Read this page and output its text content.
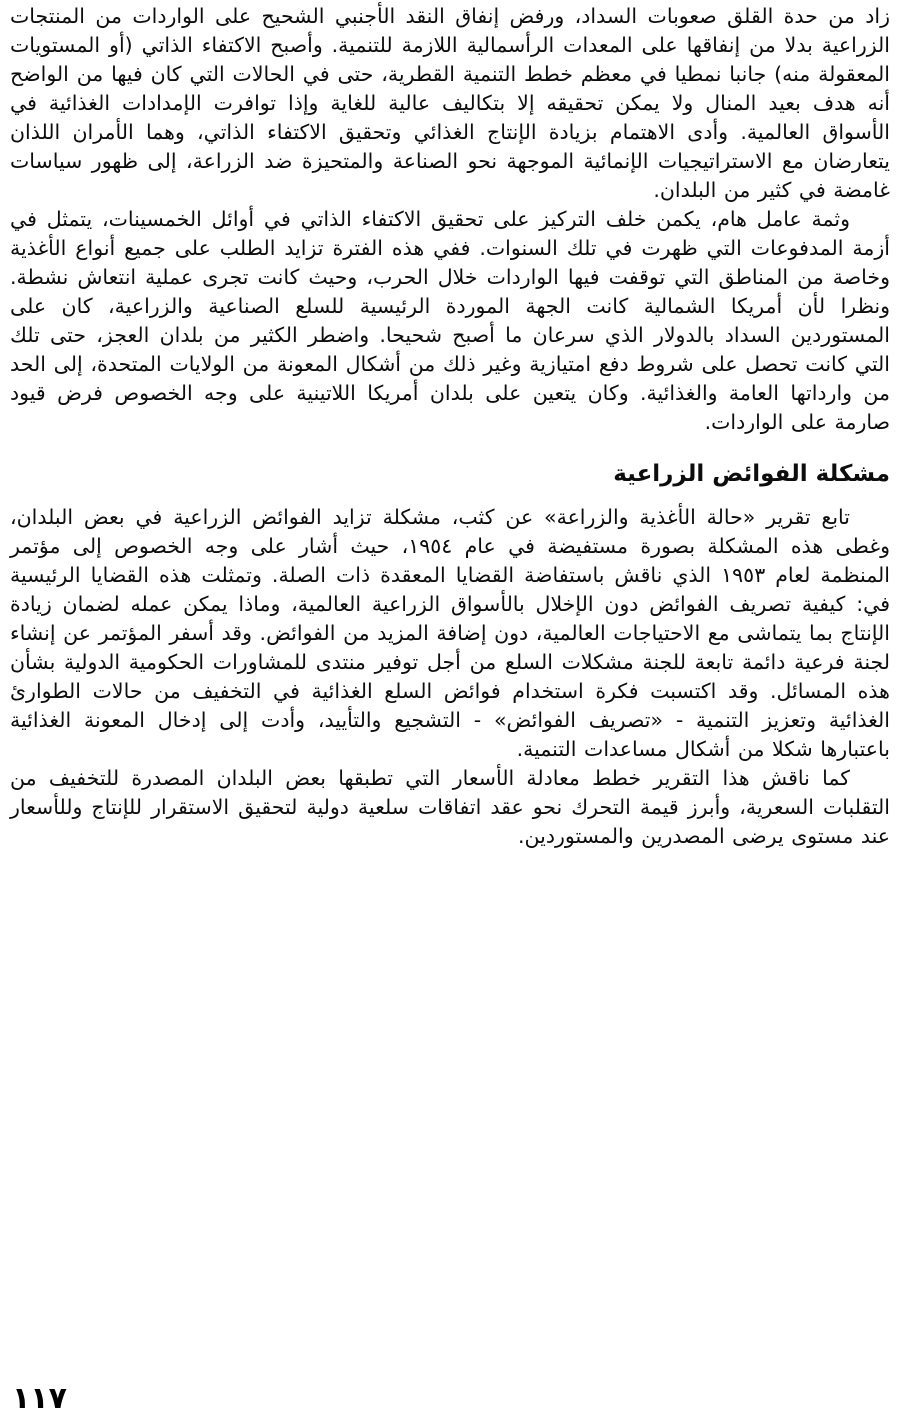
زاد من حدة القلق صعوبات السداد، ورفض إنفاق النقد الأجنبي الشحيح على الواردات من المنتجات الزراعية بدلا من إنفاقها على المعدات الرأسمالية اللازمة للتنمية. وأصبح الاكتفاء الذاتي (أو المستويات المعقولة منه) جانبا نمطيا في معظم خطط التنمية القطرية، حتى في الحالات التي كان فيها من الواضح أنه هدف بعيد المنال ولا يمكن تحقيقه إلا بتكاليف عالية للغاية وإذا توافرت الإمدادات الغذائية في الأسواق العالمية. وأدى الاهتمام بزيادة الإنتاج الغذائي وتحقيق الاكتفاء الذاتي، وهما الأمران اللذان يتعارضان مع الاستراتيجيات الإنمائية الموجهة نحو الصناعة والمتحيزة ضد الزراعة، إلى ظهور سياسات غامضة في كثير من البلدان.

وثمة عامل هام، يكمن خلف التركيز على تحقيق الاكتفاء الذاتي في أوائل الخمسينات، يتمثل في أزمة المدفوعات التي ظهرت في تلك السنوات. ففي هذه الفترة تزايد الطلب على جميع أنواع الأغذية وخاصة من المناطق التي توقفت فيها الواردات خلال الحرب، وحيث كانت تجرى عملية انتعاش نشطة. ونظرا لأن أمريكا الشمالية كانت الجهة الموردة الرئيسية للسلع الصناعية والزراعية، كان على المستوردين السداد بالدولار الذي سرعان ما أصبح شحيحا. واضطر الكثير من بلدان العجز، حتى تلك التي كانت تحصل على شروط دفع امتيازية وغير ذلك من أشكال المعونة من الولايات المتحدة، إلى الحد من وارداتها العامة والغذائية. وكان يتعين على بلدان أمريكا اللاتينية على وجه الخصوص فرض قيود صارمة على الواردات.

مشكلة الفوائض الزراعية

تابع تقرير «حالة الأغذية والزراعة» عن كثب، مشكلة تزايد الفوائض الزراعية في بعض البلدان، وغطى هذه المشكلة بصورة مستفيضة في عام ١٩٥٤، حيث أشار على وجه الخصوص إلى مؤتمر المنظمة لعام ١٩٥٣ الذي ناقش باستفاضة القضايا المعقدة ذات الصلة. وتمثلت هذه القضايا الرئيسية في: كيفية تصريف الفوائض دون الإخلال بالأسواق الزراعية العالمية، وماذا يمكن عمله لضمان زيادة الإنتاج بما يتماشى مع الاحتياجات العالمية، دون إضافة المزيد من الفوائض. وقد أسفر المؤتمر عن إنشاء لجنة فرعية دائمة تابعة للجنة مشكلات السلع من أجل توفير منتدى للمشاورات الحكومية الدولية بشأن هذه المسائل. وقد اكتسبت فكرة استخدام فوائض السلع الغذائية في التخفيف من حالات الطوارئ الغذائية وتعزيز التنمية - «تصريف الفوائض» - التشجيع والتأييد، وأدت إلى إدخال المعونة الغذائية باعتبارها شكلا من أشكال مساعدات التنمية.

كما ناقش هذا التقرير خطط معادلة الأسعار التي تطبقها بعض البلدان المصدرة للتخفيف من التقلبات السعرية، وأبرز قيمة التحرك نحو عقد اتفاقات سلعية دولية لتحقيق الاستقرار للإنتاج وللأسعار عند مستوى يرضى المصدرين والمستوردين.

١١٧
